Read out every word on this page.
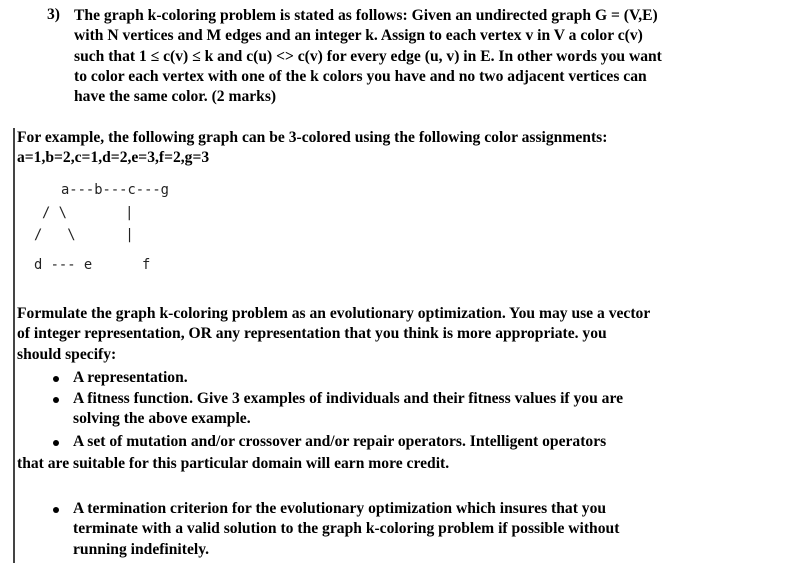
3) The graph k-coloring problem is stated as follows: Given an undirected graph G = (V,E)
with N vertices and M edges and an integer k. Assign to each vertex v in V a color c(v)
such that 1 ≤ c(v) ≤ k and c(u) <> c(v) for every edge (u, v) in E. In other words you want
to color each vertex with one of the k colors you have and no two adjacent vertices can
have the same color. (2 marks)
For example, the following graph can be 3-colored using the following color assignments:
a=1,b=2,c=1,d=2,e=3,f=2,g=3
a---b---c---g
/ \       |
/   \      |
d --- e      f
Formulate the graph k-coloring problem as an evolutionary optimization. You may use a vector
of integer representation, OR any representation that you think is more appropriate. you
should specify:
A representation.
A fitness function. Give 3 examples of individuals and their fitness values if you are
solving the above example.
A set of mutation and/or crossover and/or repair operators. Intelligent operators
that are suitable for this particular domain will earn more credit.
A termination criterion for the evolutionary optimization which insures that you
terminate with a valid solution to the graph k-coloring problem if possible without
running indefinitely.
